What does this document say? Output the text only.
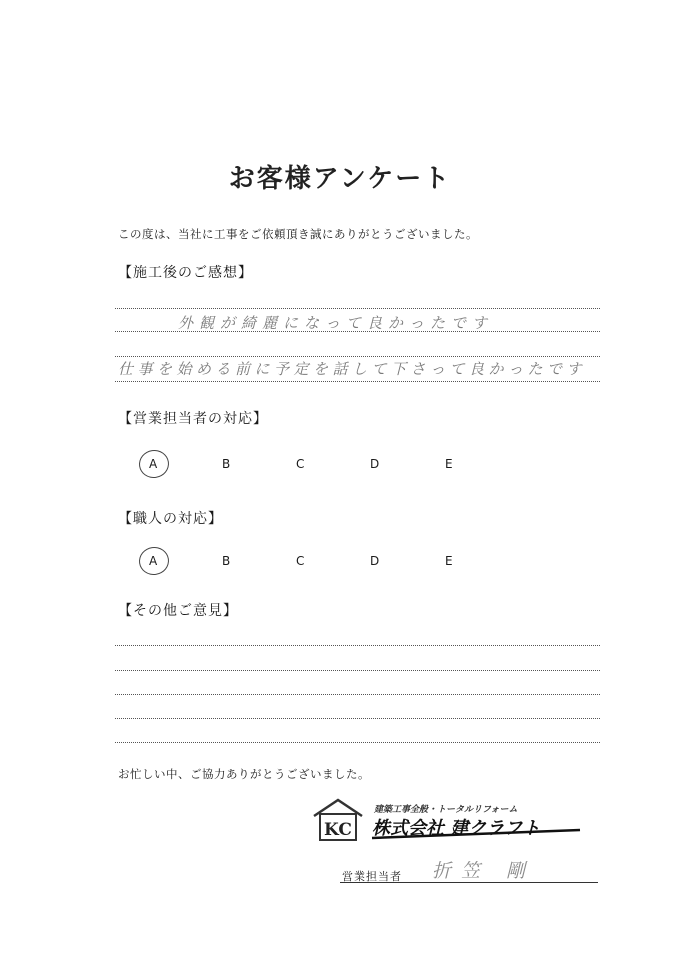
お客様アンケート
この度は、当社に工事をご依頼頂き誠にありがとうございました。
【施工後のご感想】
外観が綺麗になって良かったです
仕事を始める前に予定を話して下さって良かったです
【営業担当者の対応】
A	B	C	D	E
【職人の対応】
A	B	C	D	E
【その他ご意見】
お忙しい中、ご協力ありがとうございました。
KC
建築工事全般・トータルリフォーム
株式会社 建クラフト
営業担当者 折笠 剛
